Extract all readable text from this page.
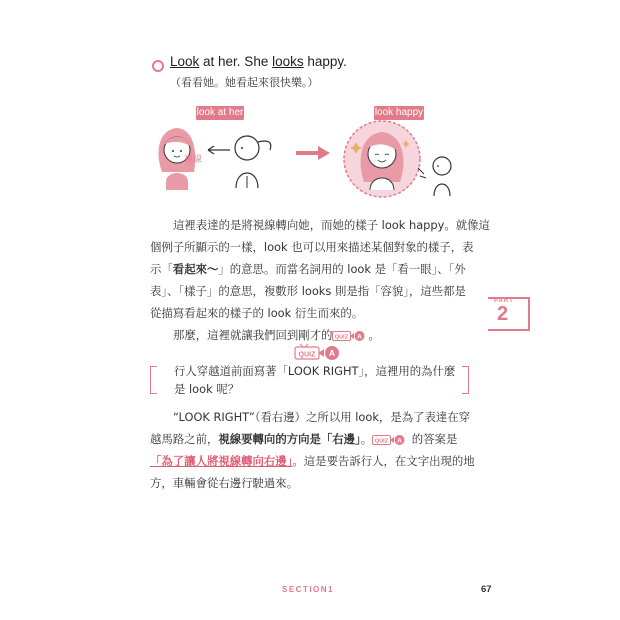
Look at her. She looks happy.
（看看她。她看起來很快樂。）
look at her	look happy
視線

這裡表達的是將視線轉向她，而她的樣子 look happy。就像這

個例子所顯示的一樣，look 也可以用來描述某個對象的樣子，表
示「看起來〜」的意思。而當名詞用的 look 是「看一眼」、「外
表」、「樣子」的意思，複數形 looks 則是指「容貌」，這些都是
從描寫看起來的樣子的 look 衍生而來的。
那麼，這裡就讓我們回到剛才的 QUIZ A 。
PART
2
QUIZ A
行人穿越道前面寫著「LOOK RIGHT」，這裡用的為什麼
是 look 呢？
“LOOK RIGHT”（看右邊）之所以用 look，是為了表達在穿
越馬路之前，視線要轉向的方向是「右邊」。 QUIZ A 的答案是
「為了讓人將視線轉向右邊」。這是要告訴行人，在文字出現的地
方，車輛會從右邊行駛過來。
SECTION1	67
